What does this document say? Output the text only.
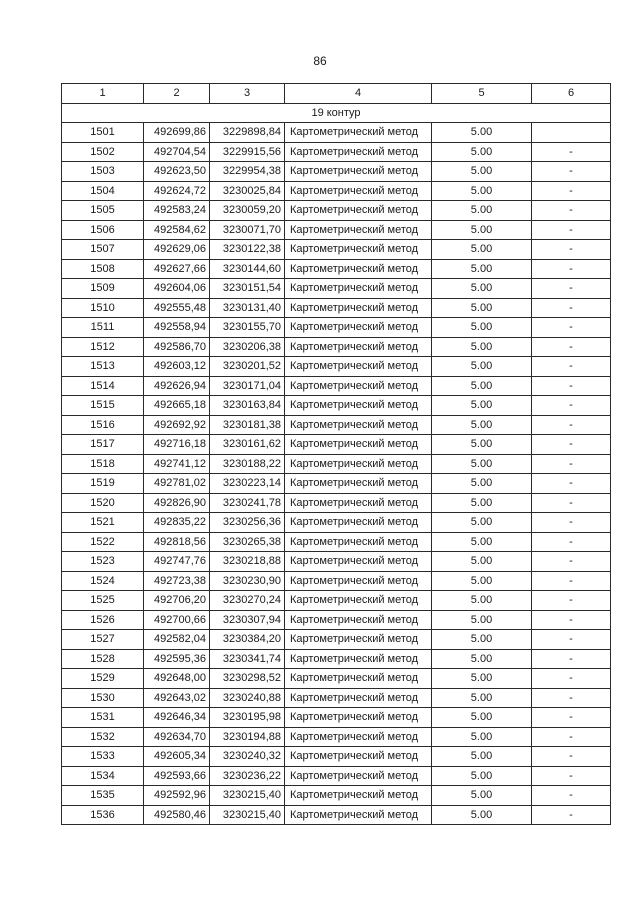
86
1	2	3	4	5	6
19 контур					
1501	492699,86	3229898,84	Картометрический метод	5.00	
1502	492704,54	3229915,56	Картометрический метод	5.00	-
1503	492623,50	3229954,38	Картометрический метод	5.00	-
1504	492624,72	3230025,84	Картометрический метод	5.00	-
1505	492583,24	3230059,20	Картометрический метод	5.00	-
1506	492584,62	3230071,70	Картометрический метод	5.00	-
1507	492629,06	3230122,38	Картометрический метод	5.00	-
1508	492627,66	3230144,60	Картометрический метод	5.00	-
1509	492604,06	3230151,54	Картометрический метод	5.00	-
1510	492555,48	3230131,40	Картометрический метод	5.00	-
1511	492558,94	3230155,70	Картометрический метод	5.00	-
1512	492586,70	3230206,38	Картометрический метод	5.00	-
1513	492603,12	3230201,52	Картометрический метод	5.00	-
1514	492626,94	3230171,04	Картометрический метод	5.00	-
1515	492665,18	3230163,84	Картометрический метод	5.00	-
1516	492692,92	3230181,38	Картометрический метод	5.00	-
1517	492716,18	3230161,62	Картометрический метод	5.00	-
1518	492741,12	3230188,22	Картометрический метод	5.00	-
1519	492781,02	3230223,14	Картометрический метод	5.00	-
1520	492826,90	3230241,78	Картометрический метод	5.00	-
1521	492835,22	3230256,36	Картометрический метод	5.00	-
1522	492818,56	3230265,38	Картометрический метод	5.00	-
1523	492747,76	3230218,88	Картометрический метод	5.00	-
1524	492723,38	3230230,90	Картометрический метод	5.00	-
1525	492706,20	3230270,24	Картометрический метод	5.00	-
1526	492700,66	3230307,94	Картометрический метод	5.00	-
1527	492582,04	3230384,20	Картометрический метод	5.00	-
1528	492595,36	3230341,74	Картометрический метод	5.00	-
1529	492648,00	3230298,52	Картометрический метод	5.00	-
1530	492643,02	3230240,88	Картометрический метод	5.00	-
1531	492646,34	3230195,98	Картометрический метод	5.00	-
1532	492634,70	3230194,88	Картометрический метод	5.00	-
1533	492605,34	3230240,32	Картометрический метод	5.00	-
1534	492593,66	3230236,22	Картометрический метод	5.00	-
1535	492592,96	3230215,40	Картометрический метод	5.00	-
1536	492580,46	3230215,40	Картометрический метод	5.00	-
